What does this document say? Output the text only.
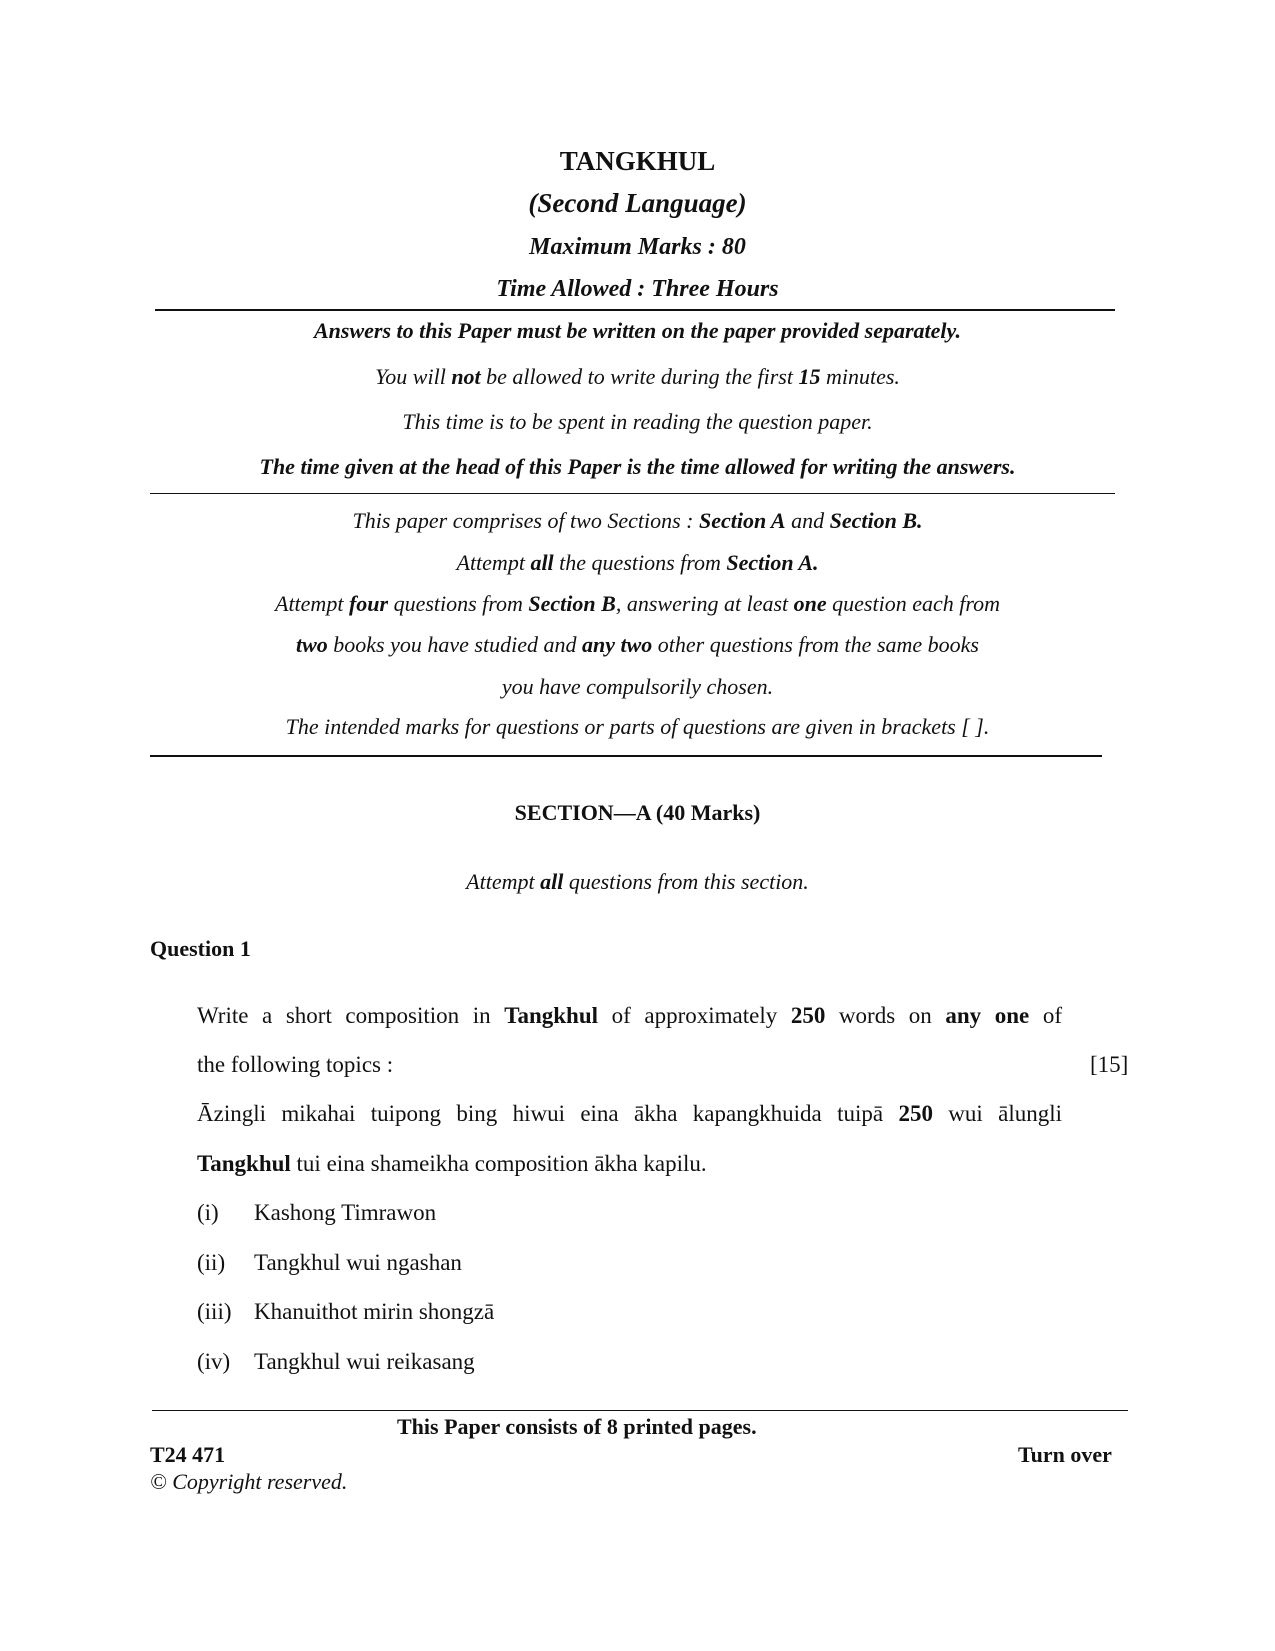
TANGKHUL
(Second Language)
Maximum Marks : 80
Time Allowed : Three Hours
Answers to this Paper must be written on the paper provided separately.
You will not be allowed to write during the first 15 minutes.
This time is to be spent in reading the question paper.
The time given at the head of this Paper is the time allowed for writing the answers.
This paper comprises of two Sections : Section A and Section B.
Attempt all the questions from Section A.
Attempt four questions from Section B, answering at least one question each from
two books you have studied and any two other questions from the same books
you have compulsorily chosen.
The intended marks for questions or parts of questions are given in brackets [ ].
SECTION—A (40 Marks)
Attempt all questions from this section.
Question 1
Write a short composition in Tangkhul of approximately 250 words on any one of
the following topics :	[15]
Āzingli mikahai tuipong bing hiwui eina ākha kapangkhuida tuipā 250 wui ālungli
Tangkhul tui eina shameikha composition ākha kapilu.
(i) Kashong Timrawon
(ii) Tangkhul wui ngashan
(iii) Khanuithot mirin shongzā
(iv) Tangkhul wui reikasang
This Paper consists of 8 printed pages.
T24 471	Turn over
© Copyright reserved.
